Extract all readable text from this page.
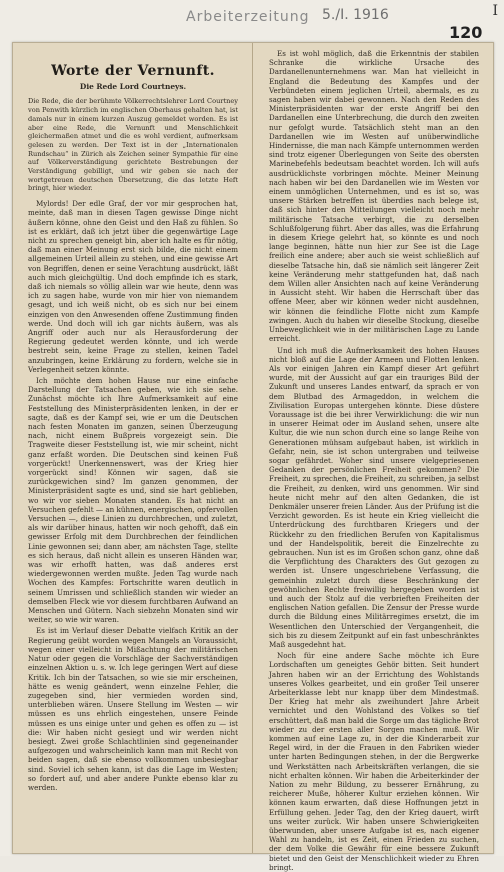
Arbeiterzeitung 5./I. 1916	I
120
Worte der Vernunft.
Die Rede Lord Courtneys.

Die Rede, die der berühmte Völkerrechtslehrer Lord Courtney von Penwith kürzlich im englischen Oberhaus gehalten hat, ist damals nur in einem kurzen Auszug gemeldet worden. Es ist aber eine Rede, die Vernunft und Menschlichkeit gleichermaßen atmet und die es wohl verdient, aufmerksam gelesen zu werden. Der Text ist in der „Internationalen Rundschau“ in Zürich als Zeichen seiner Sympathie für eine auf Völkerverständigung gerichtete Bestrebungen der Verständigung gebilligt, und wir geben sie nach der wortgetreuen deutschen Übersetzung, die das letzte Heft bringt, hier wieder.

Mylords! Der edle Graf, der vor mir gesprochen hat, meinte, daß man in diesen Tagen gewisse Dinge nicht äußern könne, ohne den Geist und den Haß zu fühlen. So ist es erklärt, daß ich jetzt über die gegenwärtige Lage nicht zu sprechen geneigt bin, aber ich halte es für nötig, daß man einer Meinung erst sich bilde, die nicht einem allgemeinen Urteil allein zu stehen, und eine gewisse Art von Begriffen, denen er seine Verachtung ausdrückt, läßt auch mich gleichgültig. Und doch empfinde ich es stark, daß ich niemals so völlig allein war wie heute, denn was ich zu sagen habe, wurde von mir hier von niemandem gesagt, und ich weiß nicht, ob es sich nur bei einem einzigen von den Anwesenden offene Zustimmung finden werde. Und doch will ich gar nichts äußern, was als Angriff oder auch nur als Herausforderung der Regierung gedeutet werden könnte, und ich werde bestrebt sein, keine Frage zu stellen, keinen Tadel anzubringen, keine Erklärung zu fordern, welche sie in Verlegenheit setzen könnte.

Ich möchte dem hohen Hause nur eine einfache Darstellung der Tatsachen geben, wie ich sie sehe. Zunächst möchte ich Ihre Aufmerksamkeit auf eine Feststellung des Ministerpräsidenten lenken, in der er sagte, daß es der Kampf sei, wie er um die Deutschen nach festen Monaten im ganzen, seinen Überzeugung nach, nicht einem Bußpreis vorgezeigt sein. Die Tragweite dieser Feststellung ist, wie mir scheint, nicht ganz erfaßt worden. Die Deutschen sind keinen Fuß vorgerückt! Unerkennenswert, was der Krieg hier vorgerückt sind! Können wir sagen, daß sie zurückgewichen sind? Im ganzen genommen, der Ministerpräsident sagte es und, sind sie hart geblieben, wo wir vor sieben Monaten standen. Es hat nicht an Versuchen gefehlt — an kühnen, energischen, opfervollen Versuchen —, diese Linien zu durchbrechen, und zuletzt, als wir darüber hinaus, hatten wir noch gehofft, daß ein gewisser Erfolg mit dem Durchbrechen der feindlichen Linie gewonnen sei; dann aber, am nächsten Tage, stellte es sich heraus, daß nicht allein es unseren Händen war, was wir erhofft hatten, was daß anderes erst wiedergewonnen werden mußte. Jeden Tag wurde nach Wochen des Kampfes: Fortschritte waren deutlich in seinem Umrissen und schließlich standen wir wieder an demselben Fleck wie vor diesem furchtbaren Aufwand an Menschen und Gütern. Nach siebzehn Monaten sind wir weiter, so wie wir waren.

Es ist im Verlauf dieser Debatte vielfach Kritik an der Regierung geübt worden wegen Mangels an Voraussicht, wegen einer vielleicht in Mißachtung der militärischen Natur oder gegen die Vorschläge der Sachverständigen einzelnen Aktion u. s. w. Ich lege geringen Wert auf diese Kritik. Ich bin der Tatsachen, so wie sie mir erscheinen, hätte es wenig geändert, wenn einzelne Fehler, die zugegeben sind, hier vermieden worden sind, unterblieben wären. Unsere Stellung im Westen — wir müssen es uns ehrlich eingestehen, unsere Feinde müssen es uns einige unter und gehen es offen zu — ist die: Wir haben nicht gesiegt und wir werden nicht besiegt. Zwei große Schlachtlinien sind gegeneinander aufgezogen und wahrscheinlich kann man mit Recht von beiden sagen, daß sie ebenso vollkommen unbesiegbar sind. Soviel ich sehen kann, ist das die Lage im Westen; so fordert auf, und aber andere Punkte ebenso klar zu werden.

Es ist wohl möglich, daß die Erkenntnis der stabilen Schranke die wirkliche Ursache des Dardanellenunternehmens war. Man hat vielleicht in England die Bedeutung des Kampfes und der Verbündeten einem jeglichen Urteil, abermals, es zu sagen haben wir dabei gewonnen. Nach den Reden des Ministerpräsidenten war der erste Angriff bei den Dardanellen eine Unterbrechung, die durch den zweiten nur gefolgt wurde. Tatsächlich steht man an den Dardanellen wie im Westen auf unüberwindliche Hindernisse, die man nach Kämpfe unternommen werden sind trotz eigener Überlegungen von Seite des obersten Marinebefehls bedeutsam beachtet worden. Ich will aufs ausdrücklichste vorbringen möchte. Meiner Meinung nach haben wir bei den Dardanellen wie im Westen vor einem unmöglichen Unternehmen, und es ist so, was unsere Stärken betreffen ist überdies nach belege ist, daß sich hinter den Mitteilungen vielleicht noch mehr militärische Tatsache verbirgt, die zu derselben Schlußfolgerung führt. Aber das alles, was die Erfahrung in diesem Kriege gelehrt hat, so könnte es und noch lange beginnen, hätte nun hier zur See ist die Lage freilich eine andere; aber auch sie weist schließlich auf dieselbe Tatsache hin, daß sie nämlich seit längerer Zeit keine Veränderung mehr stattgefunden hat, daß nach dem Willen aller Ansichten nach auf keine Veränderung in Aussicht steht. Wir haben die Herrschaft über das offene Meer, aber wir können weder nicht ausdehnen, wir können die feindliche Flotte nicht zum Kampfe zwingen. Auch du haben wir dieselbe Stockung, dieselbe Unbeweglichkeit wie in der militärischen Lage zu Lande erreicht.

Und ich muß die Aufmerksamkeit des hohen Hauses nicht bloß auf die Lage der Armeen und Flotten lenken. Als vor einigen Jahren ein Kampf dieser Art geführt wurde, mit der Aussicht auf gar ein trauriges Bild der Zukunft und unseres Landes entwarf, da sprach er von dem Blutbad des Armageddon, in welchem die Zivilisation Europas untergehen könnte. Diese düstere Voraussage ist die bei ihrer Verwirklichung: die wir nun in unserer Heimat oder im Ausland sehen, unsere alte Kultur, die wie nun schon durch eine so lange Reihe von Generationen mühsam aufgebaut haben, ist wirklich in Gefahr, nein, sie ist schon untergraben und teilweise sogar gefährdet. Woher sind unsere vielgepriesenen Gedanken der persönlichen Freiheit gekommen? Die Freiheit, zu sprechen, die Freiheit, zu schreiben, ja selbst die Freiheit, zu denken, wird uns genommen. Wir sind heute nicht mehr auf den alten Gedanken, die ist Denkmäler unserer freien Länder. Aus der Prüfung ist die Verzicht geworden. Es ist heute ein Krieg vielleicht die Unterdrückung des furchtbaren Kriegers und der Rückkehr zu den friedlichen Berufen von Kapitalismus und der Handelspolitik, bereit die Einzelrechte zu gebrauchen. Nun ist es im Großen schon ganz, ohne daß die Verpflichtung des Charakters des Gut gezogen zu werden ist. Unsere ungeschriebene Verfassung, die gemeinhin zuletzt durch diese Beschränkung der gewöhnlichen Rechte freiwillig hergegeben worden ist und auch der Stolz auf die verbrieften Freiheiten der englischen Nation gefallen. Die Zensur der Presse wurde durch die Bildung eines Militärregimes ersetzt, die im Wesentlichen den Unterschied der Vergangenheit, die sich bis zu diesem Zeitpunkt auf ein fast unbeschränktes Maß ausgedehnt hat.

Noch für eine andere Sache möchte ich Eure Lordschaften um geneigtes Gehör bitten. Seit hundert Jahren haben wir an der Errichtung des Wohlstands unseres Volkes gearbeitet, und ein großer Teil unserer Arbeiterklasse lebt nur knapp über dem Mindestmaß. Der Krieg hat mehr als zweihundert Jahre Arbeit vernichtet und den Wohlstand des Volkes so tief erschüttert, daß man bald die Sorge um das tägliche Brot wieder zu der ersten aller Sorgen machen muß. Wir kommen auf eine Lage zu, in der die Kinderarbeit zur Regel wird, in der die Frauen in den Fabriken wieder unter harten Bedingungen stehen, in der die Bergwerke und Werkstätten nach Arbeitskräften verlangen, die sie nicht erhalten können. Wir haben die Arbeiterkinder der Nation zu mehr Bildung, zu besserer Ernährung, zu reicherer Muße, höherer Kultur erziehen können. Wir können kaum erwarten, daß diese Hoffnungen jetzt in Erfüllung gehen. Jeder Tag, den der Krieg dauert, wirft uns weiter zurück. Wir haben unsere Schwierigkeiten überwunden, aber unsere Aufgabe ist es, nach eigener Wahl zu handeln, ist es Zeit, einen Frieden zu suchen, der dem Volke die Gewähr für eine bessere Zukunft bietet und den Geist der Menschlichkeit wieder zu Ehren bringt.
